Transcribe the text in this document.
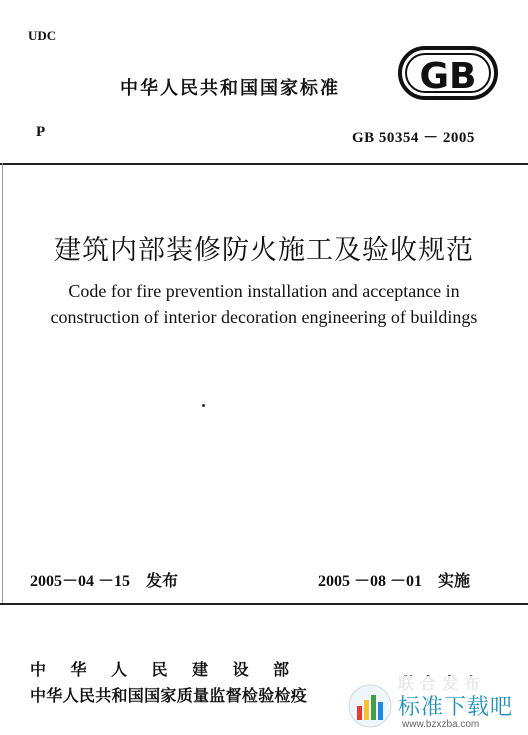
UDC
中华人民共和国国家标准 GB
P	GB 50354 － 2005
建筑内部装修防火施工及验收规范
Code for fire prevention installation and acceptance in
construction of interior decoration engineering of buildings
2005－04 －15　发布	2005 －08 －01　实施
中华人民建设部
中华人民共和国国家质量监督检验检疫	标准下载吧
www.bzxzba.com
